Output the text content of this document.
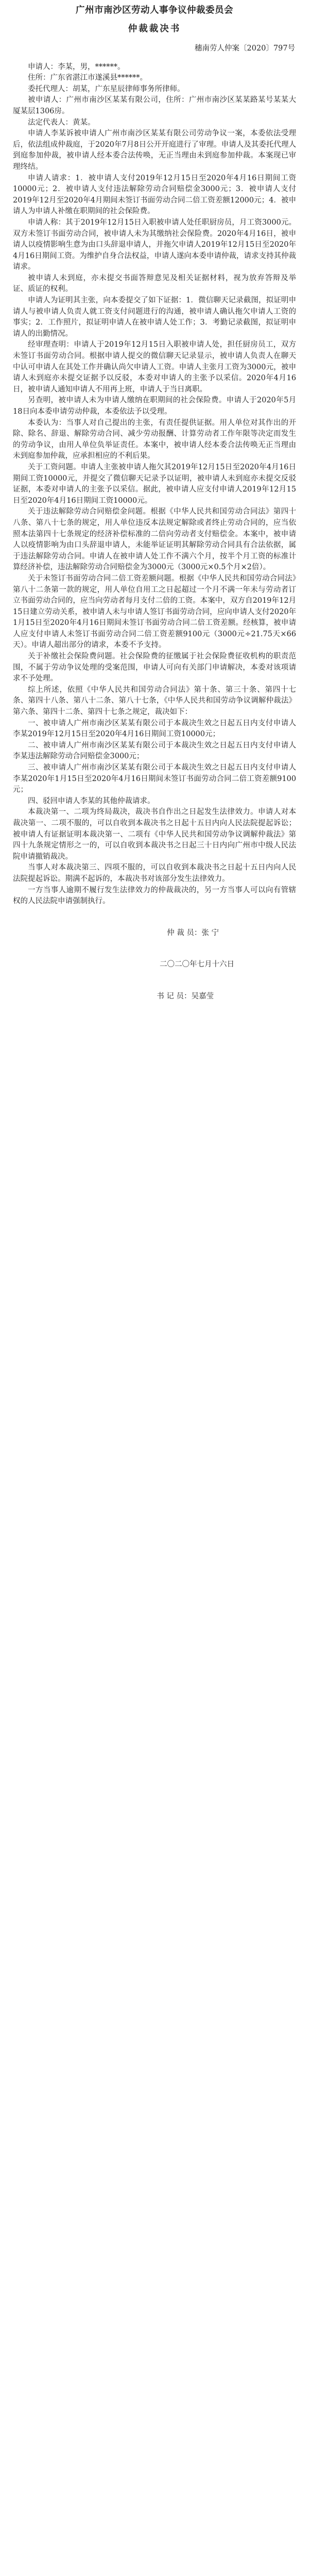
广州市南沙区劳动人事争议仲裁委员会
仲裁裁决书
穗南劳人仲案〔2020〕797号

申请人：李某，男，******。

住所：广东省湛江市遂溪县******。

委托代理人：胡某，广东星辰律师事务所律师。

被申请人：广州市南沙区某某有限公司，住所：广州市南沙区某某路某号某某大厦某层1306房。

法定代表人：黄某。

申请人李某诉被申请人广州市南沙区某某有限公司劳动争议一案，本委依法受理后，依法组成仲裁庭，于2020年7月8日公开开庭进行了审理。申请人及其委托代理人到庭参加仲裁，被申请人经本委合法传唤，无正当理由未到庭参加仲裁。本案现已审理终结。

申请人请求：1．被申请人支付2019年12月15日至2020年4月16日期间工资10000元；2．被申请人支付违法解除劳动合同赔偿金3000元；3．被申请人支付2019年12月至2020年4月期间未签订书面劳动合同二倍工资差额12000元；4．被申请人为申请人补缴在职期间的社会保险费。

申请人称：其于2019年12月15日入职被申请人处任职厨房员，月工资3000元。双方未签订书面劳动合同，被申请人未为其缴纳社会保险费。2020年4月16日，被申请人以疫情影响生意为由口头辞退申请人，并拖欠申请人2019年12月15日至2020年4月16日期间工资。为维护自身合法权益，申请人遂向本委申请仲裁，请求支持其仲裁请求。

被申请人未到庭，亦未提交书面答辩意见及相关证据材料，视为放弃答辩及举证、质证的权利。

申请人为证明其主张，向本委提交了如下证据：1．微信聊天记录截图，拟证明申请人与被申请人负责人就工资支付问题进行的沟通，被申请人确认拖欠申请人工资的事实；2．工作照片，拟证明申请人在被申请人处工作；3．考勤记录截图，拟证明申请人的出勤情况。

经审理查明：申请人于2019年12月15日入职被申请人处，担任厨房员工，双方未签订书面劳动合同。根据申请人提交的微信聊天记录显示，被申请人负责人在聊天中认可申请人在其处工作并确认尚欠申请人工资。申请人主张月工资为3000元，被申请人未到庭亦未提交证据予以反驳，本委对申请人的主张予以采信。2020年4月16日，被申请人通知申请人不用再上班，申请人于当日离职。

另查明，被申请人未为申请人缴纳在职期间的社会保险费。申请人于2020年5月18日向本委申请劳动仲裁，本委依法予以受理。

本委认为：当事人对自己提出的主张，有责任提供证据。用人单位对其作出的开除、除名、辞退、解除劳动合同、减少劳动报酬、计算劳动者工作年限等决定而发生的劳动争议，由用人单位负举证责任。本案中，被申请人经本委合法传唤无正当理由未到庭参加仲裁，应承担相应的不利后果。

关于工资问题。申请人主张被申请人拖欠其2019年12月15日至2020年4月16日期间工资10000元，并提交了微信聊天记录予以证明，被申请人未到庭亦未提交反驳证据，本委对申请人的主张予以采信。据此，被申请人应支付申请人2019年12月15日至2020年4月16日期间工资10000元。

关于违法解除劳动合同赔偿金问题。根据《中华人民共和国劳动合同法》第四十八条、第八十七条的规定，用人单位违反本法规定解除或者终止劳动合同的，应当依照本法第四十七条规定的经济补偿标准的二倍向劳动者支付赔偿金。本案中，被申请人以疫情影响为由口头辞退申请人，未能举证证明其解除劳动合同具有合法依据，属于违法解除劳动合同。申请人在被申请人处工作不满六个月，按半个月工资的标准计算经济补偿，违法解除劳动合同赔偿金为3000元（3000元×0.5个月×2倍）。

关于未签订书面劳动合同二倍工资差额问题。根据《中华人民共和国劳动合同法》第八十二条第一款的规定，用人单位自用工之日起超过一个月不满一年未与劳动者订立书面劳动合同的，应当向劳动者每月支付二倍的工资。本案中，双方自2019年12月15日建立劳动关系，被申请人未与申请人签订书面劳动合同，应向申请人支付2020年1月15日至2020年4月16日期间未签订书面劳动合同二倍工资差额。经核算，被申请人应支付申请人未签订书面劳动合同二倍工资差额9100元（3000元÷21.75天×66天）。申请人超出部分的请求，本委不予支持。

关于补缴社会保险费问题。社会保险费的征缴属于社会保险费征收机构的职责范围，不属于劳动争议处理的受案范围，申请人可向有关部门申请解决，本委对该项请求不予处理。

综上所述，依照《中华人民共和国劳动合同法》第十条、第三十条、第四十七条、第四十八条、第八十二条、第八十七条，《中华人民共和国劳动争议调解仲裁法》第六条、第四十二条、第四十七条之规定，裁决如下：

一、被申请人广州市南沙区某某有限公司于本裁决生效之日起五日内支付申请人李某2019年12月15日至2020年4月16日期间工资10000元；

二、被申请人广州市南沙区某某有限公司于本裁决生效之日起五日内支付申请人李某违法解除劳动合同赔偿金3000元；

三、被申请人广州市南沙区某某有限公司于本裁决生效之日起五日内支付申请人李某2020年1月15日至2020年4月16日期间未签订书面劳动合同二倍工资差额9100元；

四、驳回申请人李某的其他仲裁请求。

本裁决第一、二项为终局裁决，裁决书自作出之日起发生法律效力。申请人对本裁决第一、二项不服的，可以自收到本裁决书之日起十五日内向人民法院提起诉讼；被申请人有证据证明本裁决第一、二项有《中华人民共和国劳动争议调解仲裁法》第四十九条规定情形之一的，可以自收到本裁决书之日起三十日内向广州市中级人民法院申请撤销裁决。

当事人对本裁决第三、四项不服的，可以自收到本裁决书之日起十五日内向人民法院提起诉讼。期满不起诉的，本裁决书对该部分发生法律效力。

一方当事人逾期不履行发生法律效力的仲裁裁决的，另一方当事人可以向有管辖权的人民法院申请强制执行。

仲 裁 员：张 宁
二〇二〇年七月十六日
书 记 员：吴嘉莹
